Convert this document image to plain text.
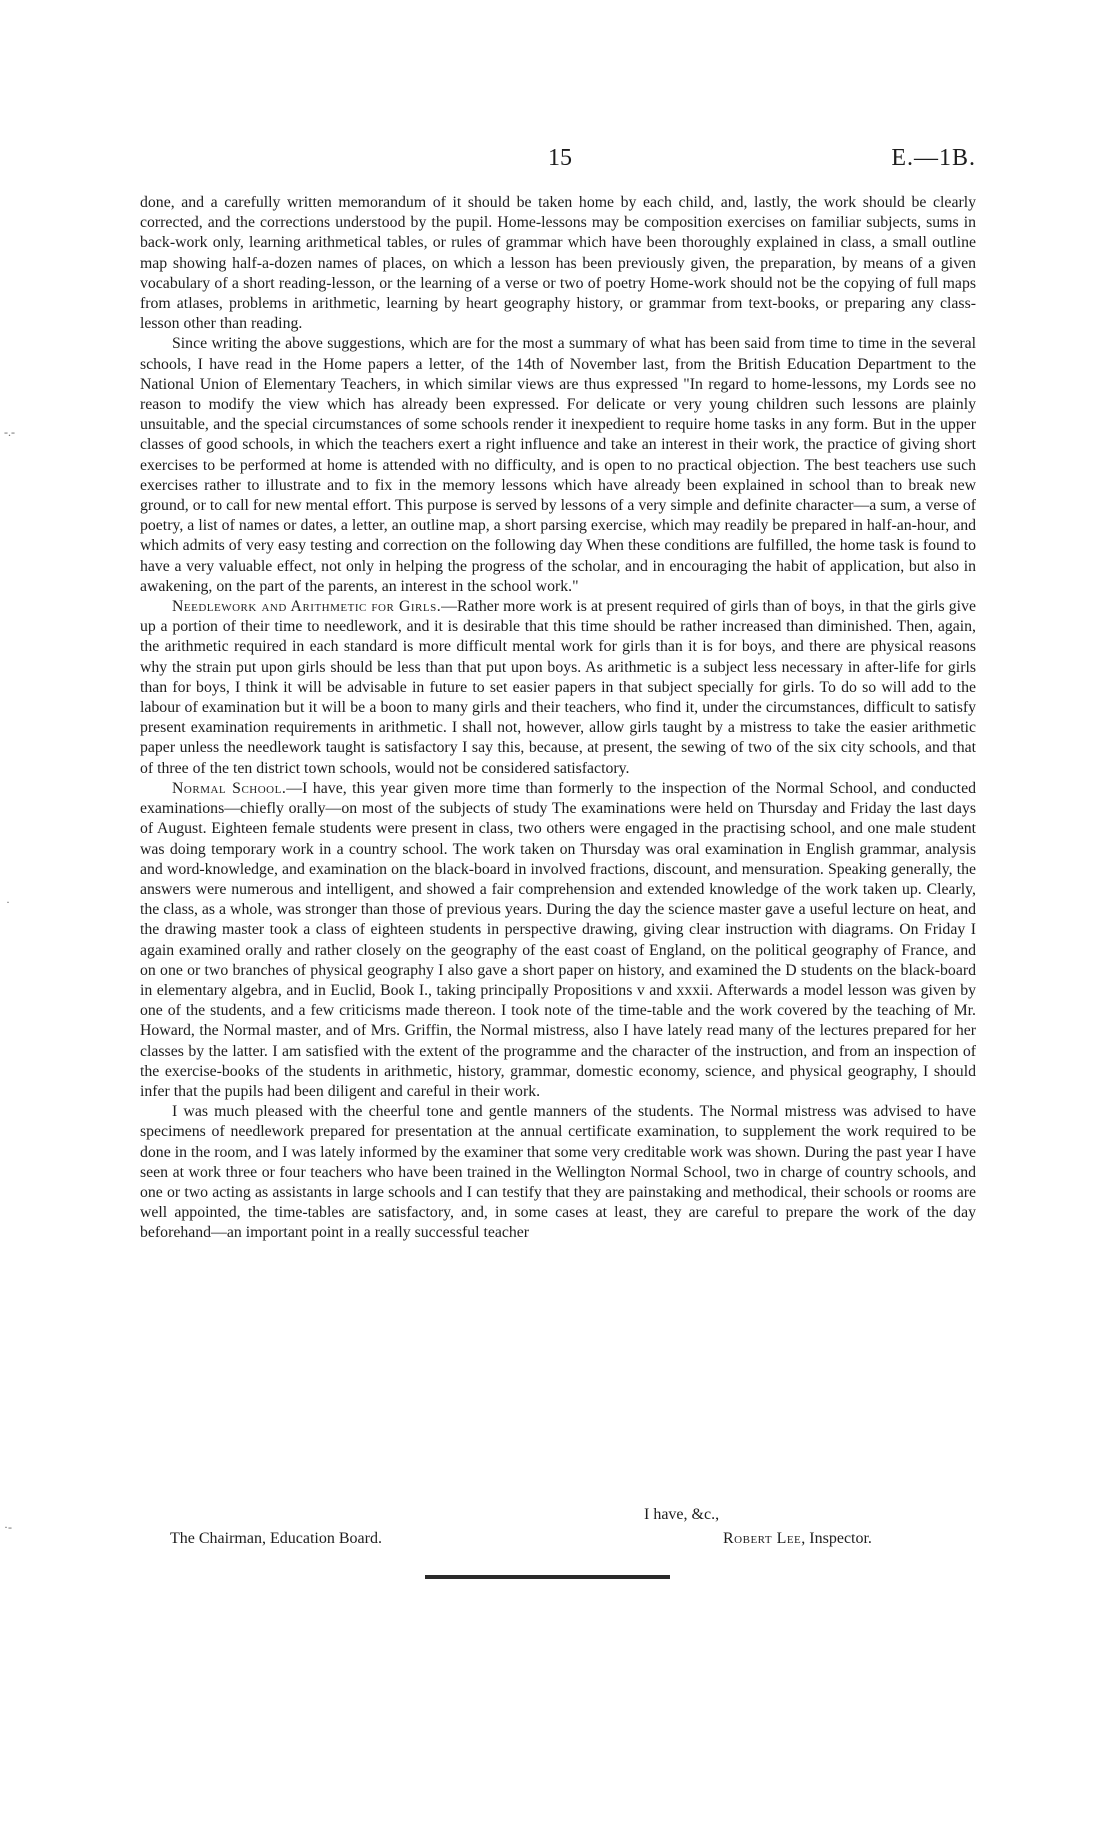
15	E.—1B.
‑.‑
·
·‑

done, and a carefully written memorandum of it should be taken home by each child, and, lastly, the work should be clearly corrected, and the corrections understood by the pupil. Home-lessons may be composition exercises on familiar subjects, sums in back-work only, learning arithmetical tables, or rules of grammar which have been thoroughly explained in class, a small outline map showing half-a-dozen names of places, on which a lesson has been previously given, the preparation, by means of a given vocabulary of a short reading-lesson, or the learning of a verse or two of poetry Home-work should not be the copying of full maps from atlases, problems in arithmetic, learning by heart geography history, or grammar from text-books, or preparing any class-lesson other than reading.

Since writing the above suggestions, which are for the most a summary of what has been said from time to time in the several schools, I have read in the Home papers a letter, of the 14th of November last, from the British Education Department to the National Union of Elementary Teachers, in which similar views are thus expressed "In regard to home-lessons, my Lords see no reason to modify the view which has already been expressed. For delicate or very young children such lessons are plainly unsuitable, and the special circumstances of some schools render it inexpedient to require home tasks in any form. But in the upper classes of good schools, in which the teachers exert a right influence and take an interest in their work, the practice of giving short exercises to be performed at home is attended with no difficulty, and is open to no practical objection. The best teachers use such exercises rather to illustrate and to fix in the memory lessons which have already been explained in school than to break new ground, or to call for new mental effort. This purpose is served by lessons of a very simple and definite character—a sum, a verse of poetry, a list of names or dates, a letter, an outline map, a short parsing exercise, which may readily be prepared in half-an-hour, and which admits of very easy testing and correction on the following day When these conditions are fulfilled, the home task is found to have a very valuable effect, not only in helping the progress of the scholar, and in encouraging the habit of application, but also in awakening, on the part of the parents, an interest in the school work."

Needlework and Arithmetic for Girls.—Rather more work is at present required of girls than of boys, in that the girls give up a portion of their time to needlework, and it is desirable that this time should be rather increased than diminished. Then, again, the arithmetic required in each standard is more difficult mental work for girls than it is for boys, and there are physical reasons why the strain put upon girls should be less than that put upon boys. As arithmetic is a subject less necessary in after-life for girls than for boys, I think it will be advisable in future to set easier papers in that subject specially for girls. To do so will add to the labour of examination but it will be a boon to many girls and their teachers, who find it, under the circumstances, difficult to satisfy present examination requirements in arithmetic. I shall not, however, allow girls taught by a mistress to take the easier arithmetic paper unless the needlework taught is satisfactory I say this, because, at present, the sewing of two of the six city schools, and that of three of the ten district town schools, would not be considered satisfactory.

Normal School.—I have, this year given more time than formerly to the inspection of the Normal School, and conducted examinations—chiefly orally—on most of the subjects of study The examinations were held on Thursday and Friday the last days of August. Eighteen female students were present in class, two others were engaged in the practising school, and one male student was doing temporary work in a country school. The work taken on Thursday was oral examination in English grammar, analysis and word-knowledge, and examination on the black-board in involved fractions, discount, and mensuration. Speaking generally, the answers were numerous and intelligent, and showed a fair comprehension and extended knowledge of the work taken up. Clearly, the class, as a whole, was stronger than those of previous years. During the day the science master gave a useful lecture on heat, and the drawing master took a class of eighteen students in perspective drawing, giving clear instruction with diagrams. On Friday I again examined orally and rather closely on the geography of the east coast of England, on the political geography of France, and on one or two branches of physical geography I also gave a short paper on history, and examined the D students on the black-board in elementary algebra, and in Euclid, Book I., taking principally Propositions v and xxxii. Afterwards a model lesson was given by one of the students, and a few criticisms made thereon. I took note of the time-table and the work covered by the teaching of Mr. Howard, the Normal master, and of Mrs. Griffin, the Normal mistress, also I have lately read many of the lectures prepared for her classes by the latter. I am satisfied with the extent of the programme and the character of the instruction, and from an inspection of the exercise-books of the students in arithmetic, history, grammar, domestic economy, science, and physical geography, I should infer that the pupils had been diligent and careful in their work.

I was much pleased with the cheerful tone and gentle manners of the students. The Normal mistress was advised to have specimens of needlework prepared for presentation at the annual certificate examination, to supplement the work required to be done in the room, and I was lately informed by the examiner that some very creditable work was shown. During the past year I have seen at work three or four teachers who have been trained in the Wellington Normal School, two in charge of country schools, and one or two acting as assistants in large schools and I can testify that they are painstaking and methodical, their schools or rooms are well appointed, the time-tables are satisfactory, and, in some cases at least, they are careful to prepare the work of the day beforehand—an important point in a really successful teacher

I have, &c.,
The Chairman, Education Board.	Robert Lee, Inspector.
